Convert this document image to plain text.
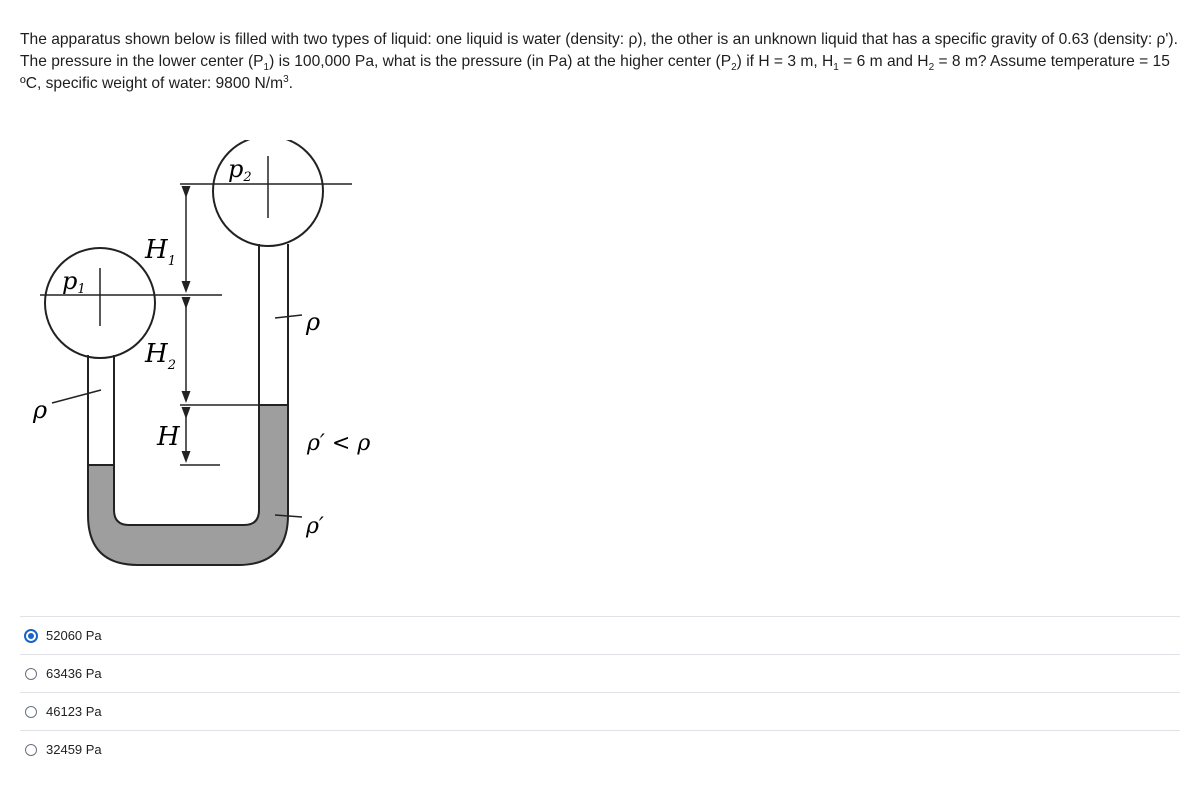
The apparatus shown below is filled with two types of liquid: one liquid is water (density: ρ), the other is an unknown liquid that has a specific gravity of 0.63 (density: ρ'). The pressure in the lower center $(P_1)$ is 100,000 Pa, what is the pressure (in Pa) at the higher center $(P_2)$ if H = 3 m, $H_1 = 6$ m and $H_2 = 8$ m? Assume temperature = 15 ºC, specific weight of water: 9800 $N/m^3$.
p1
p2
$H_1$
$H_2$
H
ρ
ρ
ρ′ < ρ
ρ′
52060 Pa
63436 Pa
46123 Pa
32459 Pa
